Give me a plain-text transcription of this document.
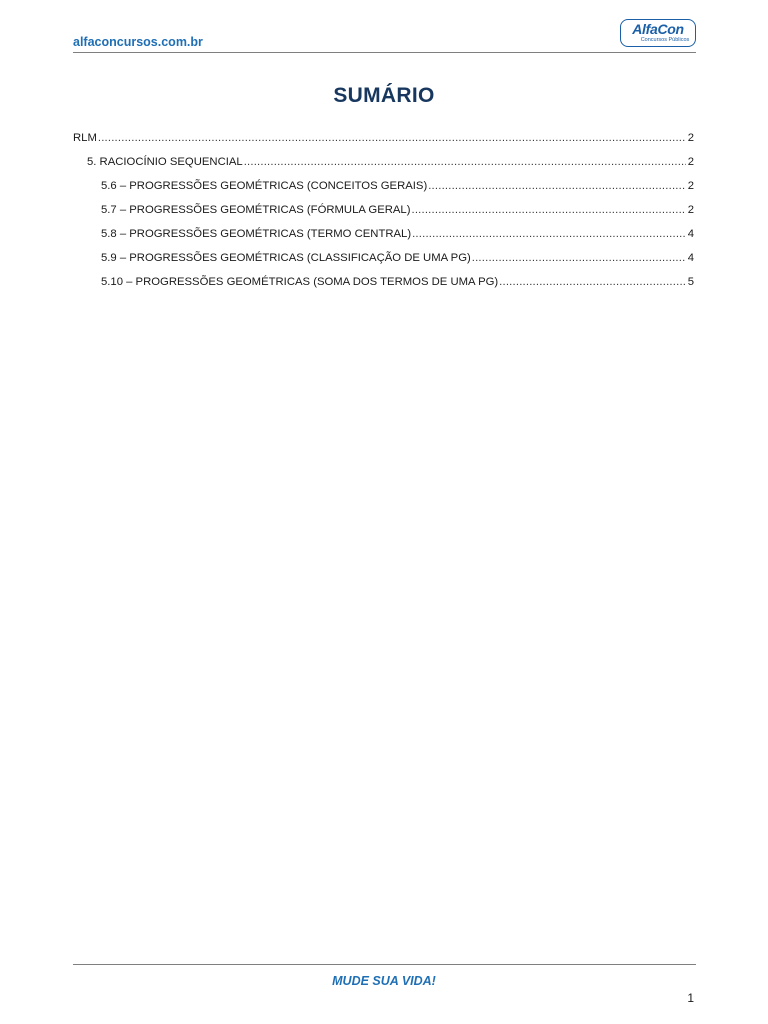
alfaconcursos.com.br
AlfaCon
Concursos Públicos
SUMÁRIO
RLM .....	2
5. RACIOCÍNIO SEQUENCIAL .....	2
5.6 – PROGRESSÕES GEOMÉTRICAS (CONCEITOS GERAIS) .....	2
5.7 – PROGRESSÕES GEOMÉTRICAS (FÓRMULA GERAL) .....	2
5.8 – PROGRESSÕES GEOMÉTRICAS (TERMO CENTRAL) .....	4
5.9 – PROGRESSÕES GEOMÉTRICAS (CLASSIFICAÇÃO DE UMA PG) .....	4
5.10 – PROGRESSÕES GEOMÉTRICAS (SOMA DOS TERMOS DE UMA PG) .....	5
MUDE SUA VIDA!
1
